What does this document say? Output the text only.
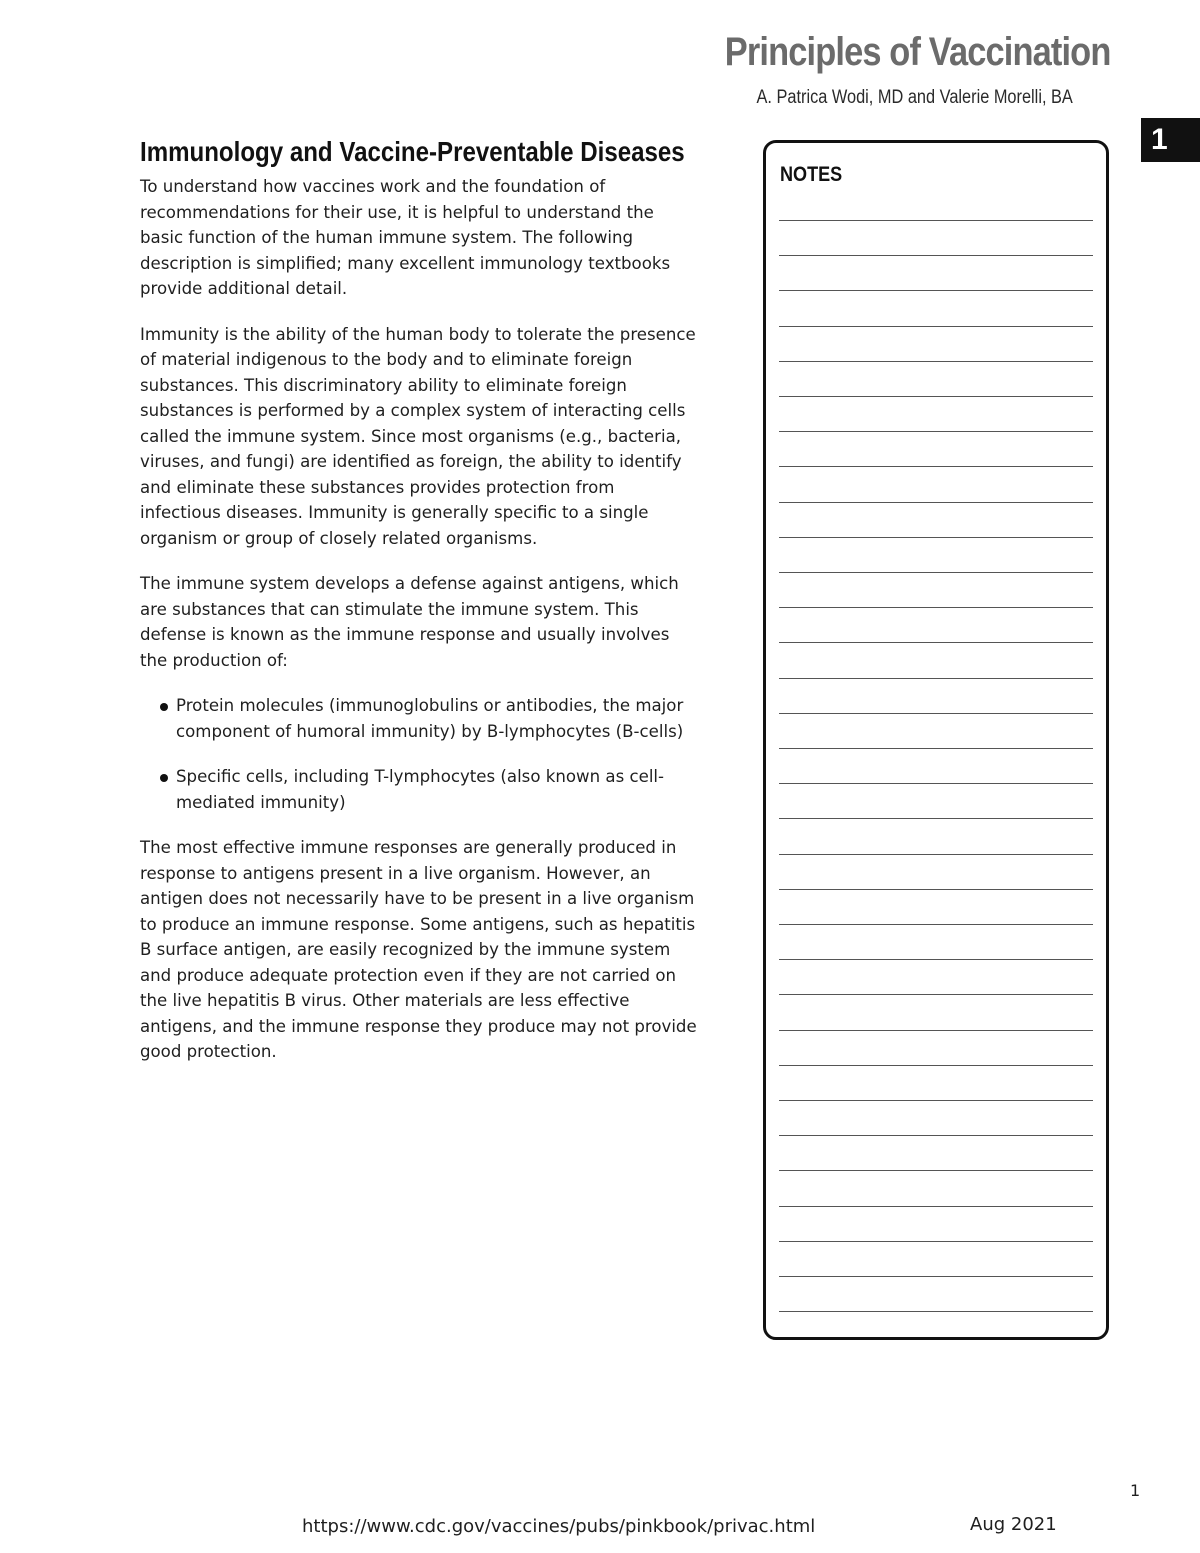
Principles of Vaccination

A. Patrica Wodi, MD and Valerie Morelli, BA

1
Immunology and Vaccine-Preventable Diseases

To understand how vaccines work and the foundation of recommendations for their use, it is helpful to understand the basic function of the human immune system. The following description is simplified; many excellent immunology textbooks provide additional detail.

Immunity is the ability of the human body to tolerate the presence of material indigenous to the body and to eliminate foreign substances. This discriminatory ability to eliminate foreign substances is performed by a complex system of interacting cells called the immune system. Since most organisms (e.g., bacteria, viruses, and fungi) are identified as foreign, the ability to identify and eliminate these substances provides protection from infectious diseases. Immunity is generally specific to a single organism or group of closely related organisms.

The immune system develops a defense against antigens, which are substances that can stimulate the immune system. This defense is known as the immune response and usually involves the production of:

Protein molecules (immunoglobulins or antibodies, the major component of humoral immunity) by B-lymphocytes (B-cells)
Specific cells, including T-lymphocytes (also known as cell-mediated immunity)

The most effective immune responses are generally produced in response to antigens present in a live organism. However, an antigen does not necessarily have to be present in a live organism to produce an immune response. Some antigens, such as hepatitis B surface antigen, are easily recognized by the immune system and produce adequate protection even if they are not carried on the live hepatitis B virus. Other materials are less effective antigens, and the immune response they produce may not provide good protection.

NOTES

1
https://www.cdc.gov/vaccines/pubs/pinkbook/privac.html	Aug 2021
